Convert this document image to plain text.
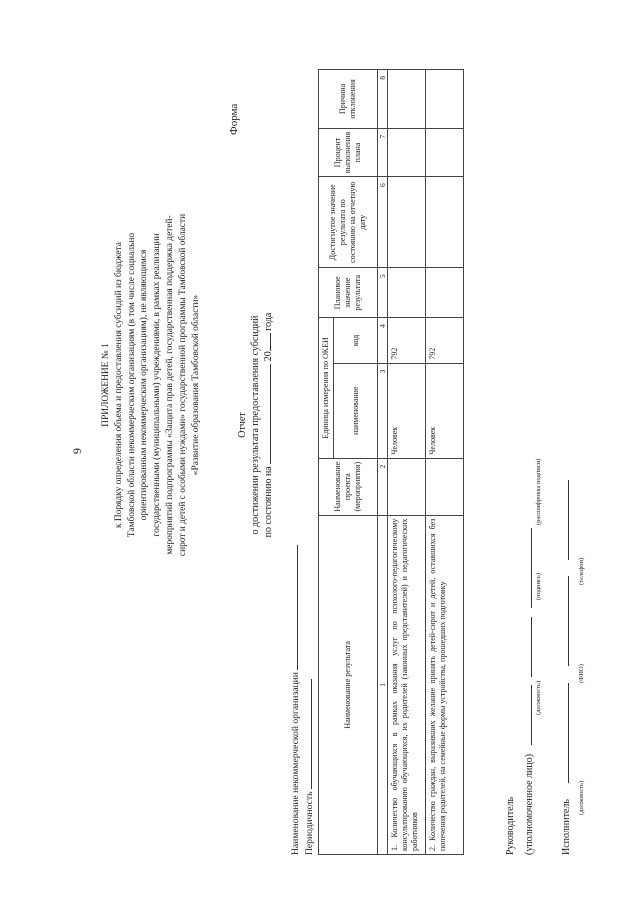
9
ПРИЛОЖЕНИЕ № 1 к Порядку определения объема и предоставления субсидий из бюджета Тамбовской области некоммерческим организациям (в том числе социально ориентированным некоммерческим организациям), не являющимся государственными (муниципальными) учреждениями, в рамках реализации мероприятий подпрограммы «Защита прав детей, государственная поддержка детей- сирот и детей с особыми нуждами» государственной программы Тамбовской области «Развитие образования Тамбовской области»
Форма
Отчет о достижении результата предоставления субсидий по состоянию на  20 года
Наименование некоммерческой организации Периодичность
Наименование результата	Наименование проекта (мероприятия)	Единица измерения по ОКЕИ		Плановое значение результата	Достигнутое значение результата по состоянию на отчетную дату	Процент выполнения плана	Причина отклонения
		наименование	код				
1	2	3	4	5	6	7	8
1. Количество обучающихся в рамках оказания услуг по психолого-педагогическому консультированию обучающихся, их родителей (законных представителей) и педагогических работников		Человек	792				
2. Количество граждан, выразивших желание принять детей-сирот и детей, оставшихся без попечения родителей, на семейные формы устройства, прошедших подготовку		Человек	792				
Руководитель (уполномоченное лицо)
(должность)
(подпись)
(расшифровка подписи)
Исполнитель
(должность)
(ФИО)
(телефон)
